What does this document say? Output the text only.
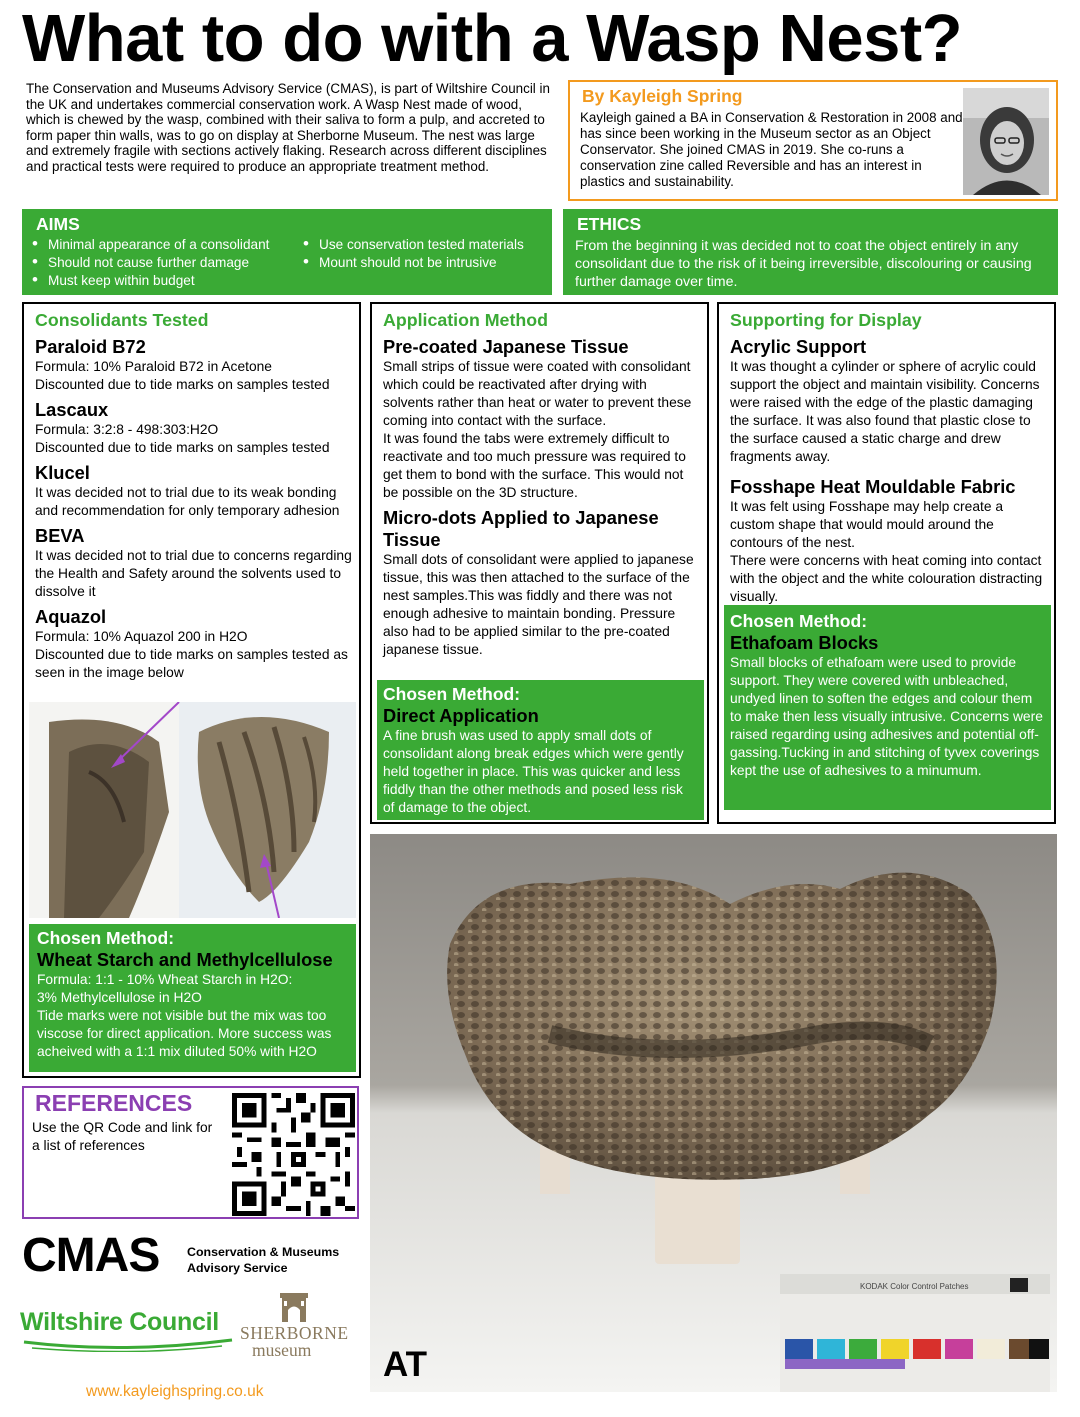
What to do with a Wasp Nest?
The Conservation and Museums Advisory Service (CMAS), is part of Wiltshire Council in the UK and undertakes commercial conservation work. A Wasp Nest made of wood, which is chewed by the wasp, combined with their saliva to form a pulp, and accreted to form paper thin walls, was to go on display at Sherborne Museum. The nest was large and extremely fragile with sections actively flaking. Research across different disciplines and practical tests were required to produce an appropriate treatment method.
By Kayleigh Spring
Kayleigh gained a BA in Conservation & Restoration in 2008 and has since been working in the Museum sector as an Object Conservator. She joined CMAS in 2019. She co-runs a conservation zine called Reversible and has an interest in plastics and sustainability.
AIMS
• Minimal appearance of a consolidant
• Should not cause further damage
• Must keep within budget
• Use conservation tested materials
• Mount should not be intrusive
ETHICS
From the beginning it was decided not to coat the object entirely in any consolidant due to the risk of it being irreversible, discolouring or causing further damage over time.
Consolidants Tested
Paraloid B72
Formula: 10% Paraloid B72 in Acetone
Discounted due to tide marks on samples tested
Lascaux
Formula: 3:2:8 - 498:303:H2O
Discounted due to tide marks on samples tested
Klucel
It was decided not to trial due to its weak bonding and recommendation for only temporary adhesion
BEVA
It was decided not to trial due to concerns regarding the Health and Safety around the solvents used to dissolve it
Aquazol
Formula: 10% Aquazol 200 in H2O
Discounted due to tide marks on samples tested as seen in the image below
Chosen Method:
Wheat Starch and Methylcellulose
Formula: 1:1 - 10% Wheat Starch in H2O:
3% Methylcellulose in H2O
Tide marks were not visible but the mix was too viscose for direct application. More success was acheived with a 1:1 mix diluted 50% with H2O
Application Method
Pre-coated Japanese Tissue
Small strips of tissue were coated with consolidant which could be reactivated after drying with solvents rather than heat or water to prevent these coming into contact with the surface.
It was found the tabs were extremely difficult to reactivate and too much pressure was required to get them to bond with the surface. This would not be possible on the 3D structure.
Micro-dots Applied to Japanese Tissue
Small dots of consolidant were applied to japanese tissue, this was then attached to the surface of the nest samples.This was fiddly and there was not enough adhesive to maintain bonding. Pressure also had to be applied similar to the pre-coated japanese tissue.
Chosen Method:
Direct Application
A fine brush was used to apply small dots of consolidant along break edges which were gently held together in place. This was quicker and less fiddly than the other methods and posed less risk of damage to the object.
Supporting for Display
Acrylic Support
It was thought a cylinder or sphere of acrylic could support the object and maintain visibility. Concerns were raised with the edge of the plastic damaging the surface. It was also found that plastic close to the surface caused a static charge and drew fragments away.
Fosshape Heat Mouldable Fabric
It was felt using Fosshape may help create a custom shape that would mould around the contours of the nest.
There were concerns with heat coming into contact with the object and the white colouration distracting visually.
Chosen Method:
Ethafoam Blocks
Small blocks of ethafoam were used to provide support. They were covered with unbleached, undyed linen to soften the edges and colour them to make then less visually intrusive. Concerns were raised regarding using adhesives and potential off-gassing.Tucking in and stitching of tyvex coverings kept the use of adhesives to a minumum.
REFERENCES
Use the QR Code and link for a list of references
CMAS Conservation & Museums Advisory Service
Wiltshire Council SHERBORNE
museum
www.kayleighspring.co.uk
KODAK Color Control Patches
AT
